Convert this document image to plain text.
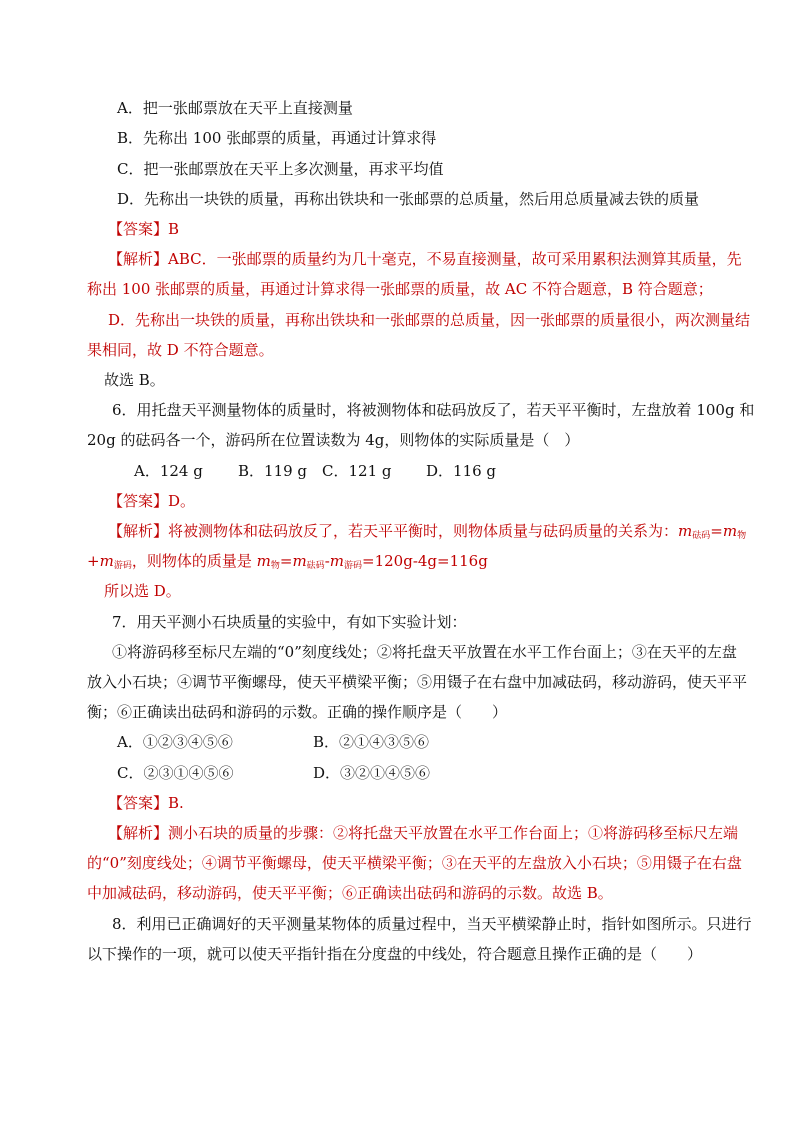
A．把一张邮票放在天平上直接测量
B．先称出 100 张邮票的质量，再通过计算求得
C．把一张邮票放在天平上多次测量，再求平均值
D．先称出一块铁的质量，再称出铁块和一张邮票的总质量，然后用总质量减去铁的质量
【答案】B
【解析】ABC．一张邮票的质量约为几十毫克，不易直接测量，故可采用累积法测算其质量，先
称出 100 张邮票的质量，再通过计算求得一张邮票的质量，故 AC 不符合题意，B 符合题意；
D．先称出一块铁的质量，再称出铁块和一张邮票的总质量，因一张邮票的质量很小，两次测量结
果相同，故 D 不符合题意。
故选 B。
6．用托盘天平测量物体的质量时，将被测物体和砝码放反了，若天平平衡时，左盘放着 100g 和
20g 的砝码各一个，游码所在位置读数为 4g，则物体的实际质量是（　）
A．124 g B．119 g C．121 g D．116 g
【答案】D。
【解析】将被测物体和砝码放反了，若天平平衡时，则物体质量与砝码质量的关系为：$m_{砝码}=m_物$
$+m_{游码}$，则物体的质量是 $m_物=m_{砝码}-m_{游码}=120g-4g=116g$
所以选 D。
7．用天平测小石块质量的实验中，有如下实验计划：
①将游码移至标尺左端的“0”刻度线处；②将托盘天平放置在水平工作台面上；③在天平的左盘
放入小石块；④调节平衡螺母，使天平横梁平衡；⑤用镊子在右盘中加减砝码，移动游码，使天平平
衡；⑥正确读出砝码和游码的示数。正确的操作顺序是（　　）
A．①②③④⑤⑥	B．②①④③⑤⑥
C．②③①④⑤⑥	D．③②①④⑤⑥
【答案】B.
【解析】测小石块的质量的步骤：②将托盘天平放置在水平工作台面上；①将游码移至标尺左端
的“0”刻度线处；④调节平衡螺母，使天平横梁平衡；③在天平的左盘放入小石块；⑤用镊子在右盘
中加减砝码，移动游码，使天平平衡；⑥正确读出砝码和游码的示数。故选 B。
8．利用已正确调好的天平测量某物体的质量过程中，当天平横梁静止时，指针如图所示。只进行
以下操作的一项，就可以使天平指针指在分度盘的中线处，符合题意且操作正确的是（　　）
